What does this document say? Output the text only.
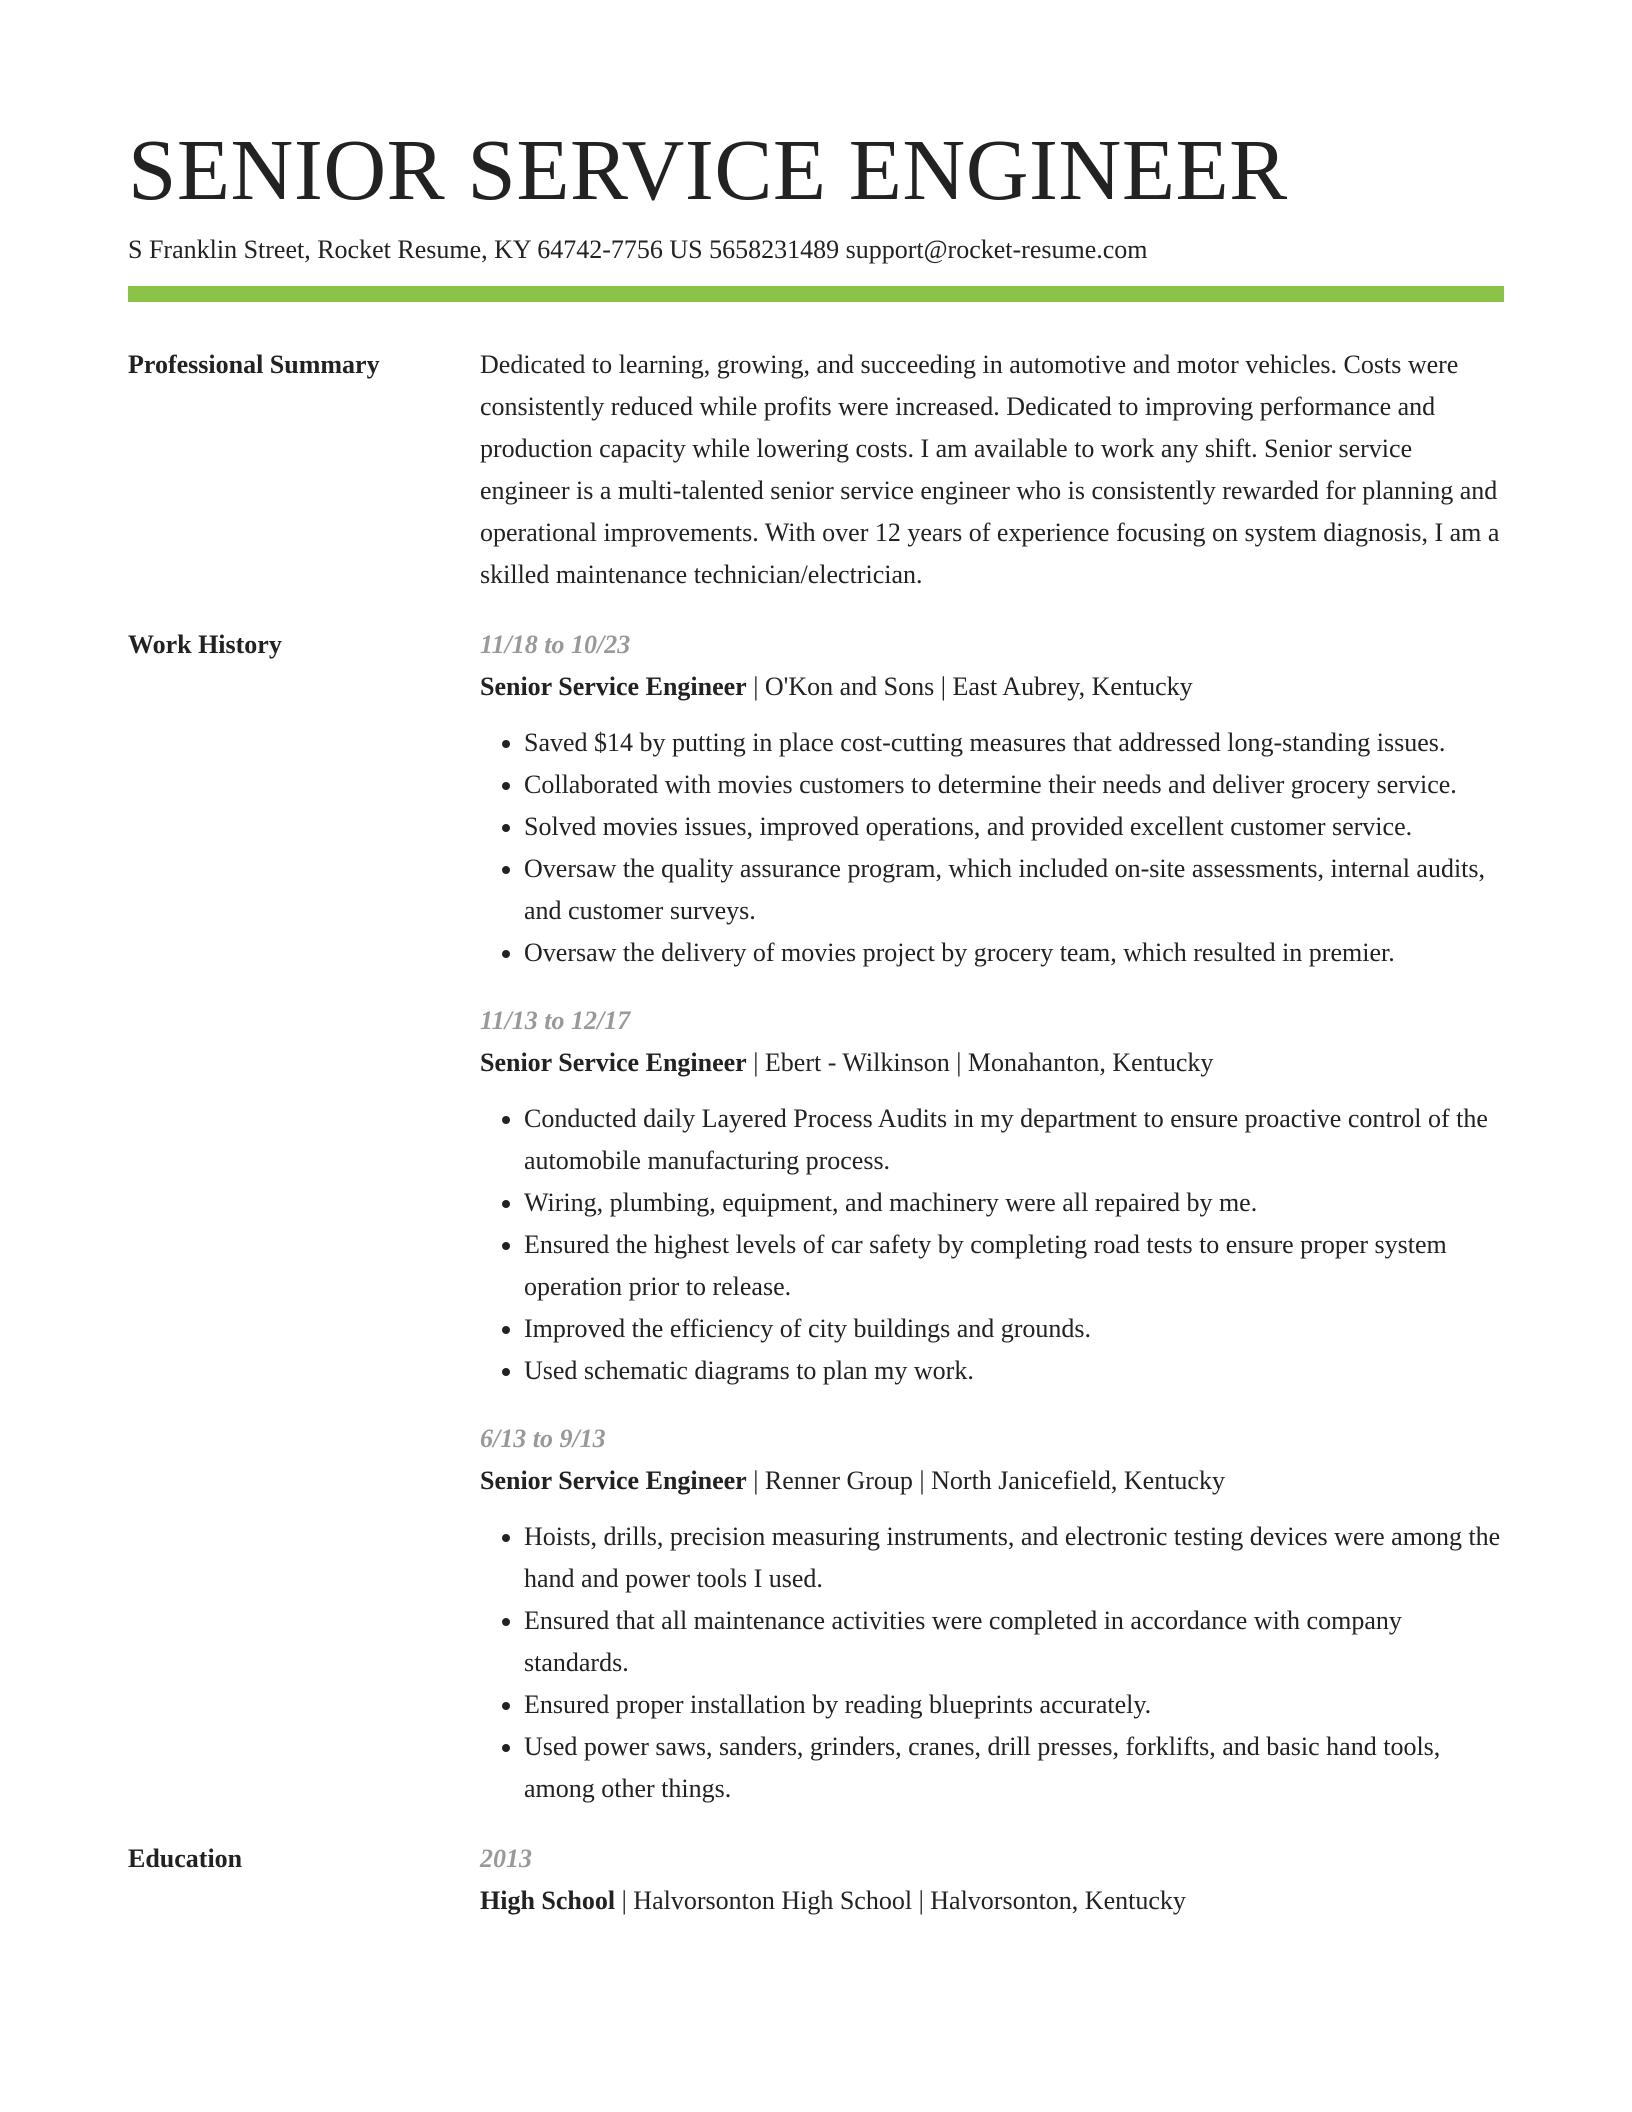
SENIOR SERVICE ENGINEER
S Franklin Street, Rocket Resume, KY 64742-7756 US 5658231489 support@rocket-resume.com
Professional Summary	Dedicated to learning, growing, and succeeding in automotive and motor vehicles. Costs were consistently reduced while profits were increased. Dedicated to improving performance and production capacity while lowering costs. I am available to work any shift. Senior service engineer is a multi-talented senior service engineer who is consistently rewarded for planning and operational improvements. With over 12 years of experience focusing on system diagnosis, I am a skilled maintenance technician/electrician.
Work History	11/18 to 10/23
Senior Service Engineer | O'Kon and Sons | East Aubrey, Kentucky
• Saved $14 by putting in place cost-cutting measures that addressed long-standing issues.
• Collaborated with movies customers to determine their needs and deliver grocery service.
• Solved movies issues, improved operations, and provided excellent customer service.
• Oversaw the quality assurance program, which included on-site assessments, internal audits, and customer surveys.
• Oversaw the delivery of movies project by grocery team, which resulted in premier.
11/13 to 12/17
Senior Service Engineer | Ebert - Wilkinson | Monahanton, Kentucky
• Conducted daily Layered Process Audits in my department to ensure proactive control of the automobile manufacturing process.
• Wiring, plumbing, equipment, and machinery were all repaired by me.
• Ensured the highest levels of car safety by completing road tests to ensure proper system operation prior to release.
• Improved the efficiency of city buildings and grounds.
• Used schematic diagrams to plan my work.
6/13 to 9/13
Senior Service Engineer | Renner Group | North Janicefield, Kentucky
• Hoists, drills, precision measuring instruments, and electronic testing devices were among the hand and power tools I used.
• Ensured that all maintenance activities were completed in accordance with company standards.
• Ensured proper installation by reading blueprints accurately.
• Used power saws, sanders, grinders, cranes, drill presses, forklifts, and basic hand tools, among other things.
Education	2013
High School | Halvorsonton High School | Halvorsonton, Kentucky
